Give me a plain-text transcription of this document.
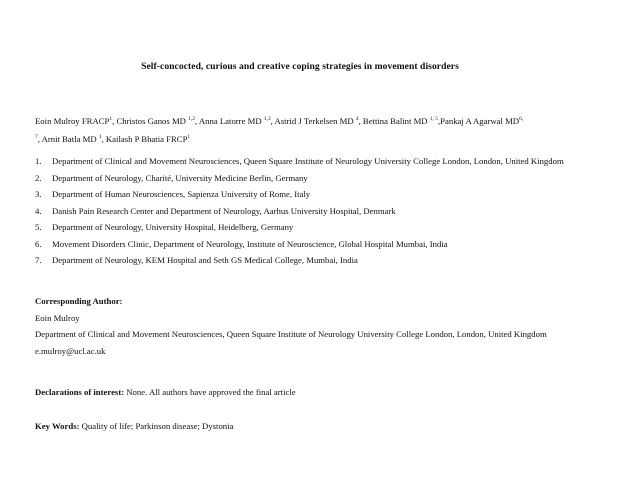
Self-concocted, curious and creative coping strategies in movement disorders
Eoin Mulroy FRACP$^1$, Christos Ganos MD $^{1,2}$, Anna Latorre MD $^{1,3}$, Astrid J Terkelsen MD $^4$, Bettina Balint MD $^{1, 5}$,Pankaj A Agarwal $MD^{6,}$
$^7$, Arnit Batla MD $^1$, Kailash P Bhatia FRCP$^1$
1. Department of Clinical and Movement Neurosciences, Queen Square Institute of Neurology University College London, London, United Kingdom
2. Department of Neurology, Charité, University Medicine Berlin, Germany
3. Department of Human Neurosciences, Sapienza University of Rome, Italy
4. Danish Pain Research Center and Department of Neurology, Aarhus University Hospital, Denmark
5. Department of Neurology, University Hospital, Heidelberg, Germany
6. Movement Disorders Clinic, Department of Neurology, Institute of Neuroscience, Global Hospital Mumbai, India
7. Department of Neurology, KEM Hospital and Seth GS Medical College, Mumbai, India
Corresponding Author:
Eoin Mulroy
Department of Clinical and Movement Neurosciences, Queen Square Institute of Neurology University College London, London, United Kingdom
e.mulroy@ucl.ac.uk
Declarations of interest: None. All authors have approved the final article
Key Words: Quality of life; Parkinson disease; Dystonia
